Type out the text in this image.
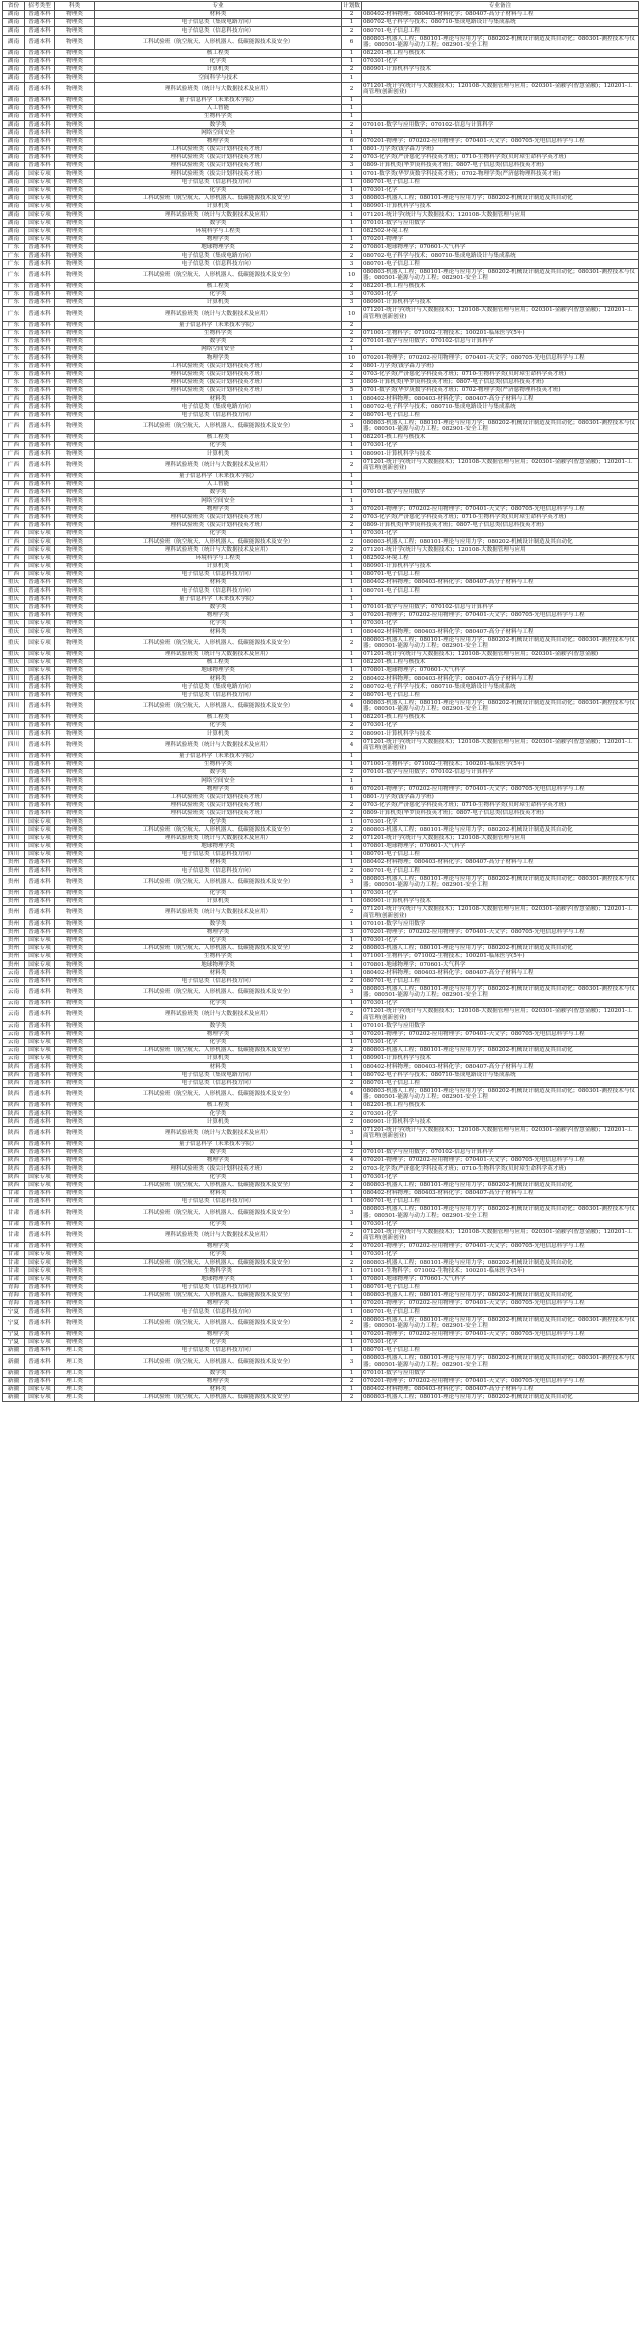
省份	招考类型	科类	专业	计划数	专业备注
湖南	普通本科	物理类	材料类	2	080402-材料物理；080403-材料化学；080407-高分子材料与工程
湖南	普通本科	物理类	电子信息类（集成电路方向）	1	080702-电子科学与技术；080710-集成电路设计与集成系统
湖南	普通本科	物理类	电子信息类（信息科技方向）	2	080701-电子信息工程
湖南	普通本科	物理类	工科试验班（航空航天、人形机器人、低碳能源技术及安全）	6	080803-机器人工程；080101-理论与应用力学；080202-机械设计制造及其自动化；080301-测控技术与仪器；080501-能源与动力工程；082901-安全工程
湖南	普通本科	物理类	核工程类	1	082201-核工程与核技术
湖南	普通本科	物理类	化学类	1	070301-化学
湖南	普通本科	物理类	计算机类	2	080901-计算机科学与技术
湖南	普通本科	物理类	空间科学与技术	1	
湖南	普通本科	物理类	理科试验班类（统计与大数据技术及应用）	2	071201-统计学(统计与大数据技术)；120108-大数据管理与应用；020301-金融学(智慧金融)；120201-工商管理(创新创业)
湖南	普通本科	物理类	量子信息科学（未来技术学院）	1	
湖南	普通本科	物理类	人工智能	1	
湖南	普通本科	物理类	生物科学类	1	
湖南	普通本科	物理类	数学类	2	070101-数学与应用数学；070102-信息与计算科学
湖南	普通本科	物理类	网络空间安全	1	
湖南	普通本科	物理类	物理学类	6	070201-物理学；070202-应用物理学；070401-天文学；080705-光电信息科学与工程
湖南	普通本科	物理类	工科试验班类（拔尖计划科技英才班）	1	0801-力学类(钱学森力学班)
湖南	普通本科	物理类	理科试验班类（拔尖计划科技英才班）	2	0703-化学类(严济慈化学科技英才班)；0710-生物科学类(贝时璋生命科学英才班)
湖南	普通本科	物理类	理科试验班类（拔尖计划科技英才班）	3	0809-计算机类(华罗庚科技英才班)；0807-电子信息类(信息科技英才班)
湖南	国家专项	物理类	理科试验班类（拔尖计划科技英才班）	1	0701-数学类(华罗庚数学科技英才班)；0702-物理学类(严济慈物理科技英才班)
湖南	国家专项	物理类	电子信息类（信息科技方向）	1	080701-电子信息工程
湖南	国家专项	物理类	化学类	1	070301-化学
湖南	国家专项	物理类	工科试验班（航空航天、人形机器人、低碳能源技术及安全）	3	080803-机器人工程；080101-理论与应用力学；080202-机械设计制造及其自动化
湖南	国家专项	物理类	计算机类	1	080901-计算机科学与技术
湖南	国家专项	物理类	理科试验班类（统计与大数据技术及应用）	1	071201-统计学(统计与大数据技术)；120108-大数据管理与应用
湖南	国家专项	物理类	数学类	1	070101-数学与应用数学
湖南	国家专项	物理类	环境科学与工程类	1	082502-环境工程
湖南	国家专项	物理类	物理学类	1	070201-物理学
广东	普通本科	物理类	地球物理学类	2	070801-地球物理学；070601-大气科学
广东	普通本科	物理类	电子信息类（集成电路方向）	2	080702-电子科学与技术；080710-集成电路设计与集成系统
广东	普通本科	物理类	电子信息类（信息科技方向）	3	080701-电子信息工程
广东	普通本科	物理类	工科试验班（航空航天、人形机器人、低碳能源技术及安全）	10	080803-机器人工程；080101-理论与应用力学；080202-机械设计制造及其自动化；080301-测控技术与仪器；080501-能源与动力工程；082901-安全工程
广东	普通本科	物理类	核工程类	2	082201-核工程与核技术
广东	普通本科	物理类	化学类	3	070301-化学
广东	普通本科	物理类	计算机类	3	080901-计算机科学与技术
广东	普通本科	物理类	理科试验班类（统计与大数据技术及应用）	10	071201-统计学(统计与大数据技术)；120108-大数据管理与应用；020301-金融学(智慧金融)；120201-工商管理(创新创业)
广东	普通本科	物理类	量子信息科学（未来技术学院）	2	
广东	普通本科	物理类	生物科学类	2	071001-生物科学；071002-生物技术；100201-临床医学(5年)
广东	普通本科	物理类	数学类	2	070101-数学与应用数学；070102-信息与计算科学
广东	普通本科	物理类	网络空间安全	1	
广东	普通本科	物理类	物理学类	10	070201-物理学；070202-应用物理学；070401-天文学；080705-光电信息科学与工程
广东	普通本科	物理类	工科试验班类（拔尖计划科技英才班）	2	0801-力学类(钱学森力学班)
广东	普通本科	物理类	理科试验班类（拔尖计划科技英才班）	2	0703-化学类(严济慈化学科技英才班)；0710-生物科学类(贝时璋生命科学英才班)
广东	普通本科	物理类	理科试验班类（拔尖计划科技英才班）	3	0809-计算机类(华罗庚科技英才班)；0807-电子信息类(信息科技英才班)
广东	普通本科	物理类	理科试验班类（拔尖计划科技英才班）	5	0701-数学类(华罗庚数学科技英才班)；0702-物理学类(严济慈物理科技英才班)
广西	普通本科	物理类	材料类	1	080402-材料物理；080403-材料化学；080407-高分子材料与工程
广西	普通本科	物理类	电子信息类（集成电路方向）	1	080702-电子科学与技术；080710-集成电路设计与集成系统
广西	普通本科	物理类	电子信息类（信息科技方向）	2	080701-电子信息工程
广西	普通本科	物理类	工科试验班（航空航天、人形机器人、低碳能源技术及安全）	3	080803-机器人工程；080101-理论与应用力学；080202-机械设计制造及其自动化；080301-测控技术与仪器；080501-能源与动力工程；082901-安全工程
广西	普通本科	物理类	核工程类	1	082201-核工程与核技术
广西	普通本科	物理类	化学类	1	070301-化学
广西	普通本科	物理类	计算机类	1	080901-计算机科学与技术
广西	普通本科	物理类	理科试验班类（统计与大数据技术及应用）	2	071201-统计学(统计与大数据技术)；120108-大数据管理与应用；020301-金融学(智慧金融)；120201-工商管理(创新创业)
广西	普通本科	物理类	量子信息科学（未来技术学院）	1	
广西	普通本科	物理类	人工智能	1	
广西	普通本科	物理类	数学类	1	070101-数学与应用数学
广西	普通本科	物理类	网络空间安全	1	
广西	普通本科	物理类	物理学类	3	070201-物理学；070202-应用物理学；070401-天文学；080705-光电信息科学与工程
广西	普通本科	物理类	理科试验班类（拔尖计划科技英才班）	2	0703-化学类(严济慈化学科技英才班)；0710-生物科学类(贝时璋生命科学英才班)
广西	普通本科	物理类	理科试验班类（拔尖计划科技英才班）	2	0809-计算机类(华罗庚科技英才班)；0807-电子信息类(信息科技英才班)
广西	国家专项	物理类	化学类	1	070301-化学
广西	国家专项	物理类	工科试验班（航空航天、人形机器人、低碳能源技术及安全）	2	080803-机器人工程；080101-理论与应用力学；080202-机械设计制造及其自动化
广西	国家专项	物理类	理科试验班类（统计与大数据技术及应用）	2	071201-统计学(统计与大数据技术)；120108-大数据管理与应用
广西	国家专项	物理类	环境科学与工程类	1	082502-环境工程
广西	国家专项	物理类	计算机类	1	080901-计算机科学与技术
广西	国家专项	物理类	电子信息类（信息科技方向）	1	080701-电子信息工程
重庆	普通本科	物理类	材料类	1	080402-材料物理；080403-材料化学；080407-高分子材料与工程
重庆	普通本科	物理类	电子信息类（信息科技方向）	1	080701-电子信息工程
重庆	普通本科	物理类	量子信息科学（未来技术学院）	1	
重庆	普通本科	物理类	数学类	1	070101-数学与应用数学；070102-信息与计算科学
重庆	普通本科	物理类	物理学类	3	070201-物理学；070202-应用物理学；070401-天文学；080705-光电信息科学与工程
重庆	国家专项	物理类	化学类	1	070301-化学
重庆	国家专项	物理类	材料类	1	080402-材料物理；080403-材料化学；080407-高分子材料与工程
重庆	国家专项	物理类	工科试验班（航空航天、人形机器人、低碳能源技术及安全）	2	080803-机器人工程；080101-理论与应用力学；080202-机械设计制造及其自动化；080301-测控技术与仪器；080501-能源与动力工程；082901-安全工程
重庆	国家专项	物理类	理科试验班类（统计与大数据技术及应用）	1	071201-统计学(统计与大数据技术)；120108-大数据管理与应用；020301-金融学(智慧金融)
重庆	国家专项	物理类	核工程类	1	082201-核工程与核技术
重庆	国家专项	物理类	地球物理学类	1	070801-地球物理学；070601-大气科学
四川	普通本科	物理类	材料类	2	080402-材料物理；080403-材料化学；080407-高分子材料与工程
四川	普通本科	物理类	电子信息类（集成电路方向）	2	080702-电子科学与技术；080710-集成电路设计与集成系统
四川	普通本科	物理类	电子信息类（信息科技方向）	2	080701-电子信息工程
四川	普通本科	物理类	工科试验班（航空航天、人形机器人、低碳能源技术及安全）	4	080803-机器人工程；080101-理论与应用力学；080202-机械设计制造及其自动化；080301-测控技术与仪器；080501-能源与动力工程；082901-安全工程
四川	普通本科	物理类	核工程类	1	082201-核工程与核技术
四川	普通本科	物理类	化学类	2	070301-化学
四川	普通本科	物理类	计算机类	2	080901-计算机科学与技术
四川	普通本科	物理类	理科试验班类（统计与大数据技术及应用）	4	071201-统计学(统计与大数据技术)；120108-大数据管理与应用；020301-金融学(智慧金融)；120201-工商管理(创新创业)
四川	普通本科	物理类	量子信息科学（未来技术学院）	1	
四川	普通本科	物理类	生物科学类	1	071001-生物科学；071002-生物技术；100201-临床医学(5年)
四川	普通本科	物理类	数学类	2	070101-数学与应用数学；070102-信息与计算科学
四川	普通本科	物理类	网络空间安全	1	
四川	普通本科	物理类	物理学类	6	070201-物理学；070202-应用物理学；070401-天文学；080705-光电信息科学与工程
四川	普通本科	物理类	工科试验班类（拔尖计划科技英才班）	1	0801-力学类(钱学森力学班)
四川	普通本科	物理类	理科试验班类（拔尖计划科技英才班）	2	0703-化学类(严济慈化学科技英才班)；0710-生物科学类(贝时璋生命科学英才班)
四川	普通本科	物理类	理科试验班类（拔尖计划科技英才班）	2	0809-计算机类(华罗庚科技英才班)；0807-电子信息类(信息科技英才班)
四川	国家专项	物理类	化学类	1	070301-化学
四川	国家专项	物理类	工科试验班（航空航天、人形机器人、低碳能源技术及安全）	2	080803-机器人工程；080101-理论与应用力学；080202-机械设计制造及其自动化
四川	国家专项	物理类	理科试验班类（统计与大数据技术及应用）	2	071201-统计学(统计与大数据技术)；120108-大数据管理与应用
四川	国家专项	物理类	地球物理学类	1	070801-地球物理学；070601-大气科学
四川	国家专项	物理类	电子信息类（信息科技方向）	1	080701-电子信息工程
贵州	普通本科	物理类	材料类	1	080402-材料物理；080403-材料化学；080407-高分子材料与工程
贵州	普通本科	物理类	电子信息类（信息科技方向）	2	080701-电子信息工程
贵州	普通本科	物理类	工科试验班（航空航天、人形机器人、低碳能源技术及安全）	3	080803-机器人工程；080101-理论与应用力学；080202-机械设计制造及其自动化；080301-测控技术与仪器；080501-能源与动力工程；082901-安全工程
贵州	普通本科	物理类	化学类	1	070301-化学
贵州	普通本科	物理类	计算机类	1	080901-计算机科学与技术
贵州	普通本科	物理类	理科试验班类（统计与大数据技术及应用）	2	071201-统计学(统计与大数据技术)；120108-大数据管理与应用；020301-金融学(智慧金融)；120201-工商管理(创新创业)
贵州	普通本科	物理类	数学类	1	070101-数学与应用数学
贵州	普通本科	物理类	物理学类	3	070201-物理学；070202-应用物理学；070401-天文学；080705-光电信息科学与工程
贵州	国家专项	物理类	化学类	1	070301-化学
贵州	国家专项	物理类	工科试验班（航空航天、人形机器人、低碳能源技术及安全）	2	080803-机器人工程；080101-理论与应用力学；080202-机械设计制造及其自动化
贵州	国家专项	物理类	生物科学类	1	071001-生物科学；071002-生物技术；100201-临床医学(5年)
贵州	国家专项	物理类	地球物理学类	1	070801-地球物理学；070601-大气科学
云南	普通本科	物理类	材料类	1	080402-材料物理；080403-材料化学；080407-高分子材料与工程
云南	普通本科	物理类	电子信息类（信息科技方向）	2	080701-电子信息工程
云南	普通本科	物理类	工科试验班（航空航天、人形机器人、低碳能源技术及安全）	3	080803-机器人工程；080101-理论与应用力学；080202-机械设计制造及其自动化；080301-测控技术与仪器；080501-能源与动力工程；082901-安全工程
云南	普通本科	物理类	化学类	1	070301-化学
云南	普通本科	物理类	理科试验班类（统计与大数据技术及应用）	2	071201-统计学(统计与大数据技术)；120108-大数据管理与应用；020301-金融学(智慧金融)；120201-工商管理(创新创业)
云南	普通本科	物理类	数学类	1	070101-数学与应用数学
云南	普通本科	物理类	物理学类	3	070201-物理学；070202-应用物理学；070401-天文学；080705-光电信息科学与工程
云南	国家专项	物理类	化学类	1	070301-化学
云南	国家专项	物理类	工科试验班（航空航天、人形机器人、低碳能源技术及安全）	2	080803-机器人工程；080101-理论与应用力学；080202-机械设计制造及其自动化
云南	国家专项	物理类	计算机类	1	080901-计算机科学与技术
陕西	普通本科	物理类	材料类	1	080402-材料物理；080403-材料化学；080407-高分子材料与工程
陕西	普通本科	物理类	电子信息类（集成电路方向）	1	080702-电子科学与技术；080710-集成电路设计与集成系统
陕西	普通本科	物理类	电子信息类（信息科技方向）	2	080701-电子信息工程
陕西	普通本科	物理类	工科试验班（航空航天、人形机器人、低碳能源技术及安全）	4	080803-机器人工程；080101-理论与应用力学；080202-机械设计制造及其自动化；080301-测控技术与仪器；080501-能源与动力工程；082901-安全工程
陕西	普通本科	物理类	核工程类	1	082201-核工程与核技术
陕西	普通本科	物理类	化学类	2	070301-化学
陕西	普通本科	物理类	计算机类	2	080901-计算机科学与技术
陕西	普通本科	物理类	理科试验班类（统计与大数据技术及应用）	3	071201-统计学(统计与大数据技术)；120108-大数据管理与应用；020301-金融学(智慧金融)；120201-工商管理(创新创业)
陕西	普通本科	物理类	量子信息科学（未来技术学院）	1	
陕西	普通本科	物理类	数学类	2	070101-数学与应用数学；070102-信息与计算科学
陕西	普通本科	物理类	物理学类	4	070201-物理学；070202-应用物理学；070401-天文学；080705-光电信息科学与工程
陕西	普通本科	物理类	理科试验班类（拔尖计划科技英才班）	2	0703-化学类(严济慈化学科技英才班)；0710-生物科学类(贝时璋生命科学英才班)
陕西	国家专项	物理类	化学类	1	070301-化学
陕西	国家专项	物理类	工科试验班（航空航天、人形机器人、低碳能源技术及安全）	2	080803-机器人工程；080101-理论与应用力学；080202-机械设计制造及其自动化
甘肃	普通本科	物理类	材料类	1	080402-材料物理；080403-材料化学；080407-高分子材料与工程
甘肃	普通本科	物理类	电子信息类（信息科技方向）	1	080701-电子信息工程
甘肃	普通本科	物理类	工科试验班（航空航天、人形机器人、低碳能源技术及安全）	3	080803-机器人工程；080101-理论与应用力学；080202-机械设计制造及其自动化；080301-测控技术与仪器；080501-能源与动力工程；082901-安全工程
甘肃	普通本科	物理类	化学类	1	070301-化学
甘肃	普通本科	物理类	理科试验班类（统计与大数据技术及应用）	2	071201-统计学(统计与大数据技术)；120108-大数据管理与应用；020301-金融学(智慧金融)；120201-工商管理(创新创业)
甘肃	普通本科	物理类	物理学类	2	070201-物理学；070202-应用物理学；070401-天文学；080705-光电信息科学与工程
甘肃	国家专项	物理类	化学类	1	070301-化学
甘肃	国家专项	物理类	工科试验班（航空航天、人形机器人、低碳能源技术及安全）	2	080803-机器人工程；080101-理论与应用力学；080202-机械设计制造及其自动化
甘肃	国家专项	物理类	生物科学类	1	071001-生物科学；071002-生物技术；100201-临床医学(5年)
甘肃	国家专项	物理类	地球物理学类	1	070801-地球物理学；070601-大气科学
青海	普通本科	物理类	电子信息类（信息科技方向）	1	080701-电子信息工程
青海	普通本科	物理类	工科试验班（航空航天、人形机器人、低碳能源技术及安全）	1	080803-机器人工程；080101-理论与应用力学；080202-机械设计制造及其自动化
青海	普通本科	物理类	物理学类	1	070201-物理学；070202-应用物理学；070401-天文学；080705-光电信息科学与工程
宁夏	普通本科	物理类	电子信息类（信息科技方向）	1	080701-电子信息工程
宁夏	普通本科	物理类	工科试验班（航空航天、人形机器人、低碳能源技术及安全）	2	080803-机器人工程；080101-理论与应用力学；080202-机械设计制造及其自动化；080301-测控技术与仪器；080501-能源与动力工程；082901-安全工程
宁夏	普通本科	物理类	物理学类	1	070201-物理学；070202-应用物理学；070401-天文学；080705-光电信息科学与工程
宁夏	国家专项	物理类	化学类	1	070301-化学
新疆	普通本科	理工类	电子信息类（信息科技方向）	1	080701-电子信息工程
新疆	普通本科	理工类	工科试验班（航空航天、人形机器人、低碳能源技术及安全）	3	080803-机器人工程；080101-理论与应用力学；080202-机械设计制造及其自动化；080301-测控技术与仪器；080501-能源与动力工程；082901-安全工程
新疆	普通本科	理工类	数学类	1	070101-数学与应用数学
新疆	普通本科	理工类	物理学类	2	070201-物理学；070202-应用物理学；070401-天文学；080705-光电信息科学与工程
新疆	国家专项	理工类	材料类	1	080402-材料物理；080403-材料化学；080407-高分子材料与工程
新疆	国家专项	理工类	工科试验班（航空航天、人形机器人、低碳能源技术及安全）	2	080803-机器人工程；080101-理论与应用力学；080202-机械设计制造及其自动化
